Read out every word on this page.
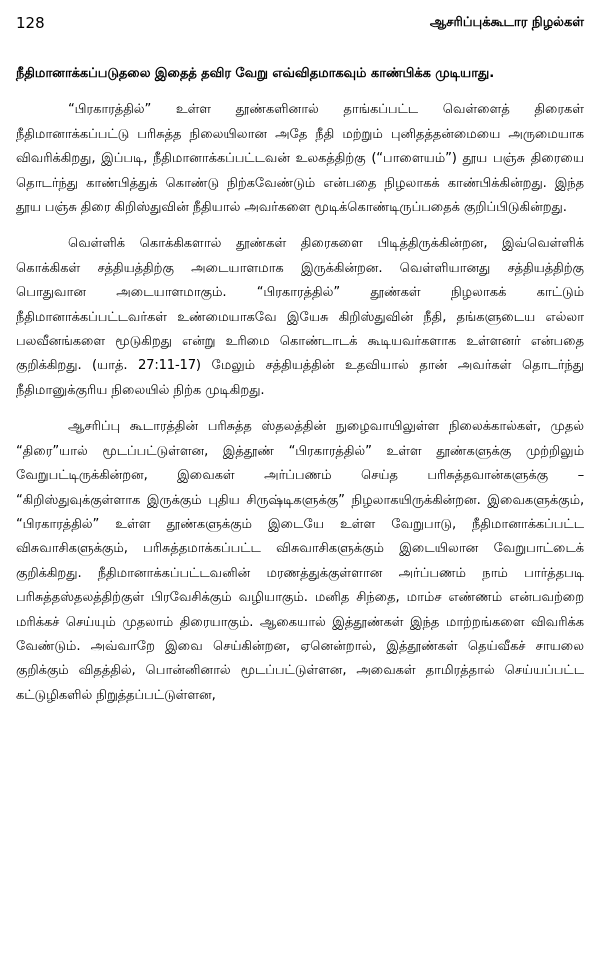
128	ஆசரிப்புக்கூடார நிழல்கள்

நீதிமானாக்கப்படுதலை இதைத் தவிர வேறு எவ்விதமாகவும் காண்பிக்க முடியாது.

“பிரகாரத்தில்” உள்ள தூண்களினால் தாங்கப்பட்ட வெள்ளைத் திரைகள் நீதிமானாக்கப்பட்டு பரிசுத்த நிலையிலான அதே நீதி மற்றும் புனிதத்தன்மையை அருமையாக விவரிக்கிறது, இப்படி, நீதிமானாக்கப்பட்டவன் உலகத்திற்கு (“பாளையம்”) தூய பஞ்சு திரையை தொடர்ந்து காண்பித்துக் கொண்டு நிற்கவேண்டும் என்பதை நிழலாகக் காண்பிக்கின்றது. இந்த தூய பஞ்சு திரை கிறிஸ்துவின் நீதியால் அவர்களை மூடிக்கொண்டிருப்பதைக் குறிப்பிடுகின்றது.

வெள்ளிக் கொக்கிகளால் தூண்கள் திரைகளை பிடித்திருக்கின்றன, இவ்வெள்ளிக் கொக்கிகள் சத்தியத்திற்கு அடையாளமாக இருக்கின்றன. வெள்ளியானது சத்தியத்திற்கு பொதுவான அடையாளமாகும். “பிரகாரத்தில்” தூண்கள் நிழலாகக் காட்டும் நீதிமானாக்கப்பட்டவர்கள் உண்மையாகவே இயேசு கிறிஸ்துவின் நீதி, தங்களுடைய எல்லா பலவீனங்களை மூடுகிறது என்று உரிமை கொண்டாடக் கூடியவர்களாக உள்ளனர் என்பதை குறிக்கிறது. (யாத். 27:11-17) மேலும் சத்தியத்தின் உதவியால் தான் அவர்கள் தொடர்ந்து நீதிமானுக்குரிய நிலையில் நிற்க முடிகிறது.

ஆசரிப்பு கூடாரத்தின் பரிசுத்த ஸ்தலத்தின் நுழைவாயிலுள்ள நிலைக்கால்கள், முதல் “திரை”யால் மூடப்பட்டுள்ளன, இத்தூண் “பிரகாரத்தில்” உள்ள தூண்களுக்கு முற்றிலும் வேறுபட்டிருக்கின்றன, இவைகள் அர்ப்பணம் செய்த பரிசுத்தவான்களுக்கு – “கிறிஸ்துவுக்குள்ளாக இருக்கும் புதிய சிருஷ்டிகளுக்கு” நிழலாகயிருக்கின்றன. இவைகளுக்கும், “பிரகாரத்தில்” உள்ள தூண்களுக்கும் இடையே உள்ள வேறுபாடு, நீதிமானாக்கப்பட்ட விசுவாசிகளுக்கும், பரிசுத்தமாக்கப்பட்ட விசுவாசிகளுக்கும் இடையிலான வேறுபாட்டைக் குறிக்கிறது. நீதிமானாக்கப்பட்டவனின் மரணத்துக்குள்ளான அர்ப்பணம் நாம் பார்த்தபடி பரிசுத்தஸ்தலத்திற்குள் பிரவேசிக்கும் வழியாகும். மனித சிந்தை, மாம்ச எண்ணம் என்பவற்றை மரிக்கச் செய்யும் முதலாம் திரையாகும். ஆகையால் இத்தூண்கள் இந்த மாற்றங்களை விவரிக்க வேண்டும். அவ்வாறே இவை செய்கின்றன, ஏனென்றால், இத்தூண்கள் தெய்வீகச் சாயலை குறிக்கும் விதத்தில், பொன்னினால் மூடப்பட்டுள்ளன, அவைகள் தாமிரத்தால் செய்யப்பட்ட கட்டுழிகளில் நிறுத்தப்பட்டுள்ளன,
